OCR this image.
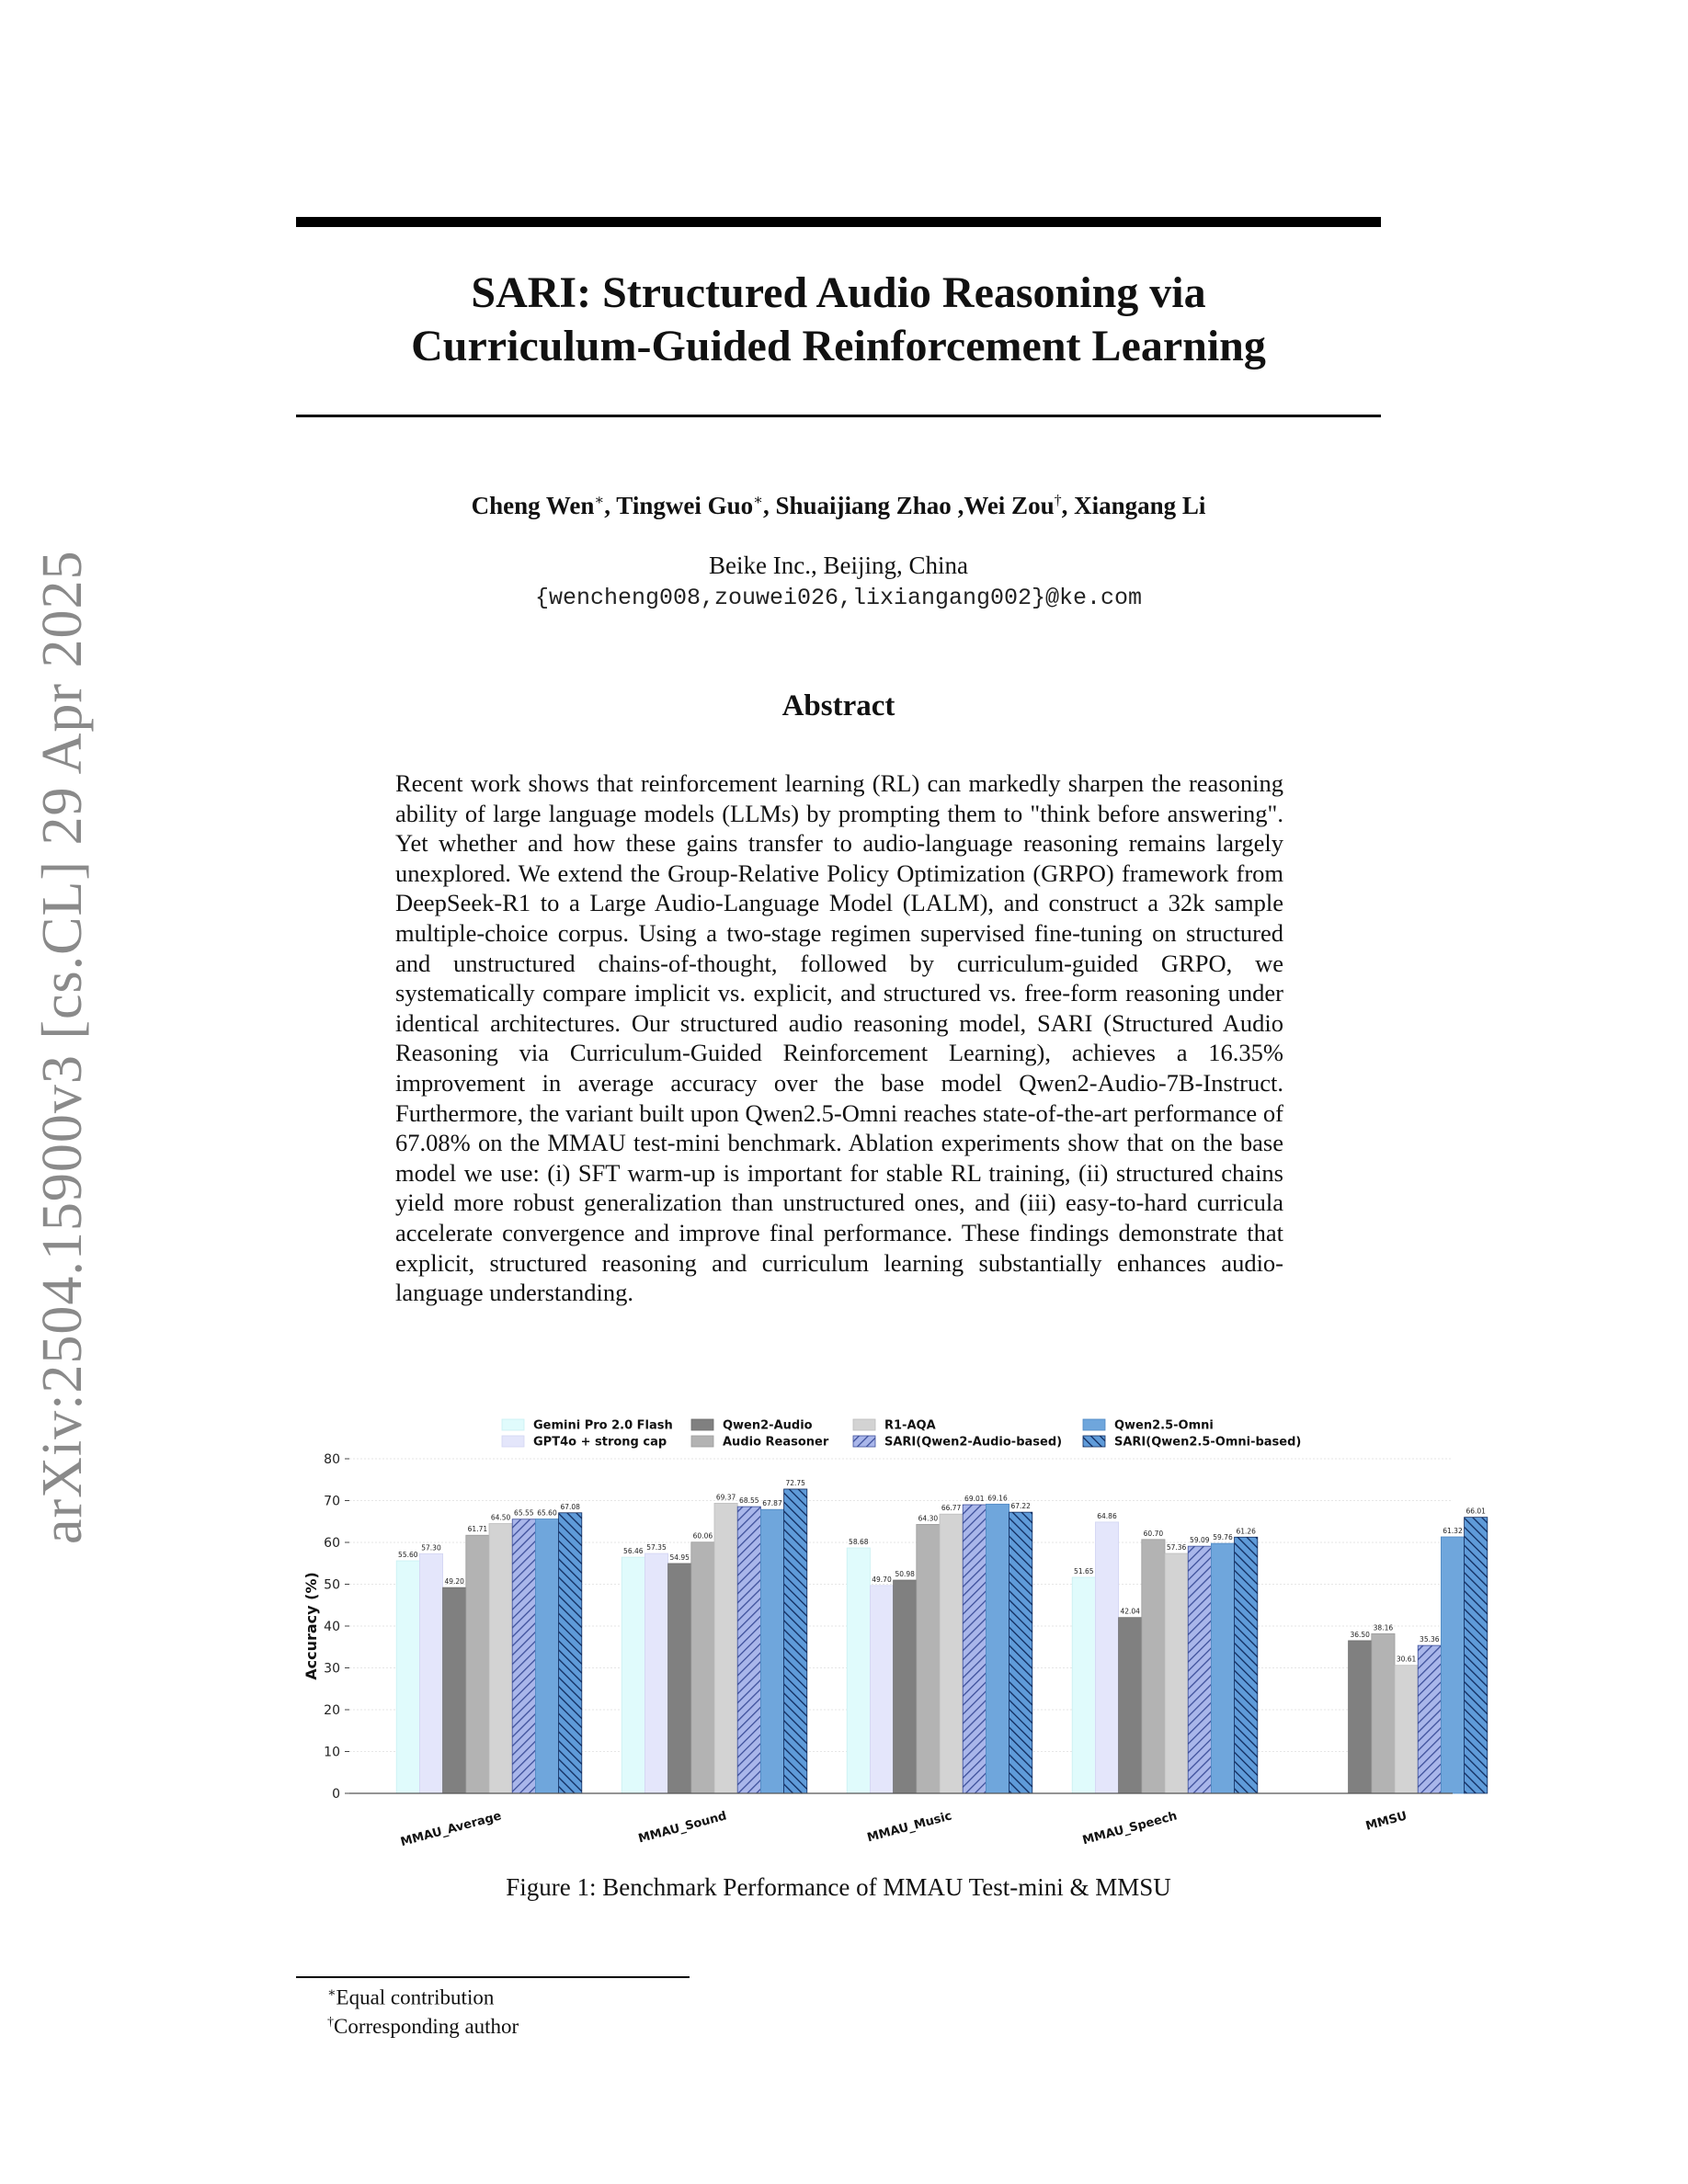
SARI: Structured Audio Reasoning via
Curriculum-Guided Reinforcement Learning
Cheng Wen∗, Tingwei Guo∗, Shuaijiang Zhao ,Wei Zou†, Xiangang Li
Beike Inc., Beijing, China
{wencheng008,zouwei026,lixiangang002}@ke.com
Abstract
Recent work shows that reinforcement learning (RL) can markedly sharpen the reasoning ability of large language models (LLMs) by prompting them to "think before answering". Yet whether and how these gains transfer to audio-language reasoning remains largely unexplored. We extend the Group-Relative Policy Optimization (GRPO) framework from DeepSeek-R1 to a Large Audio-Language Model (LALM), and construct a 32k sample multiple-choice corpus. Using a two-stage regimen supervised fine-tuning on structured and unstructured chains-of-thought, followed by curriculum-guided GRPO, we systematically compare implicit vs. explicit, and structured vs. free-form reasoning under identical architectures. Our structured audio reasoning model, SARI (Structured Audio Reasoning via Curriculum-Guided Reinforcement Learning), achieves a 16.35% improvement in average accuracy over the base model Qwen2-Audio-7B-Instruct. Furthermore, the variant built upon Qwen2.5-Omni reaches state-of-the-art performance of 67.08% on the MMAU test-mini benchmark. Ablation experiments show that on the base model we use: (i) SFT warm-up is important for stable RL training, (ii) structured chains yield more robust generalization than unstructured ones, and (iii) easy-to-hard curricula accelerate convergence and improve final performance. These findings demonstrate that explicit, structured reasoning and curriculum learning substantially enhances audio-language understanding.
arXiv:2504.15900v3 [cs.CL] 29 Apr 2025	Gemini Pro 2.0 Flash
GPT4o + strong cap
Qwen2-Audio
Audio Reasoner
R1-AQA
SARI(Qwen2-Audio-based)
Qwen2.5-Omni
SARI(Qwen2.5-Omni-based)
55.60
57.30
49.20
61.71
64.50
65.55 65.60
67.08
56.46 57.35
54.95
60.06
69.37 68.55 67.87
72.75
58.68
49.70
50.98
64.30
66.77
69.01 69.16
67.22
51.65
64.86
42.04
60.70
57.36
59.09 59.76
61.26
36.50
38.16
30.61
35.36
61.32
66.01
0
10
20
30
40
50
60
70
80
Accuracy (%)
MMAU_Average	MMAU_Sound	MMAU_Music	MMAU_Speech	MMSU
Figure 1: Benchmark Performance of MMAU Test-mini & MMSU
∗Equal contribution
†Corresponding author
